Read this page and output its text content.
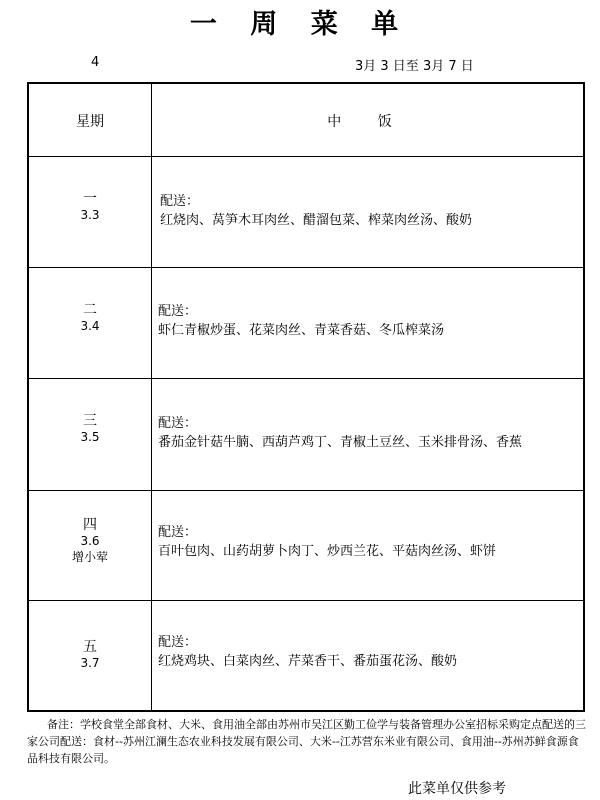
一 周 菜 单
4	3月 3 日至 3月 7 日
星期	中 饭
一
3.3
配送：
红烧肉、莴笋木耳肉丝、醋溜包菜、榨菜肉丝汤、酸奶
二
3.4
配送：
虾仁青椒炒蛋、花菜肉丝、青菜香菇、冬瓜榨菜汤
三
3.5
配送：
番茄金针菇牛腩、西葫芦鸡丁、青椒土豆丝、玉米排骨汤、香蕉
四
3.6
增小荤
配送：
百叶包肉、山药胡萝卜肉丁、炒西兰花、平菇肉丝汤、虾饼
五
3.7
配送：
红烧鸡块、白菜肉丝、芹菜香干、番茄蛋花汤、酸奶
备注：学校食堂全部食材、大米、食用油全部由苏州市吴江区勤工俭学与装备管理办公室招标采购定点配送的三家公司配送：食材--苏州江澜生态农业科技发展有限公司、大米--江苏营东米业有限公司、食用油--苏州苏鲜食源食品科技有限公司。
此菜单仅供参考
